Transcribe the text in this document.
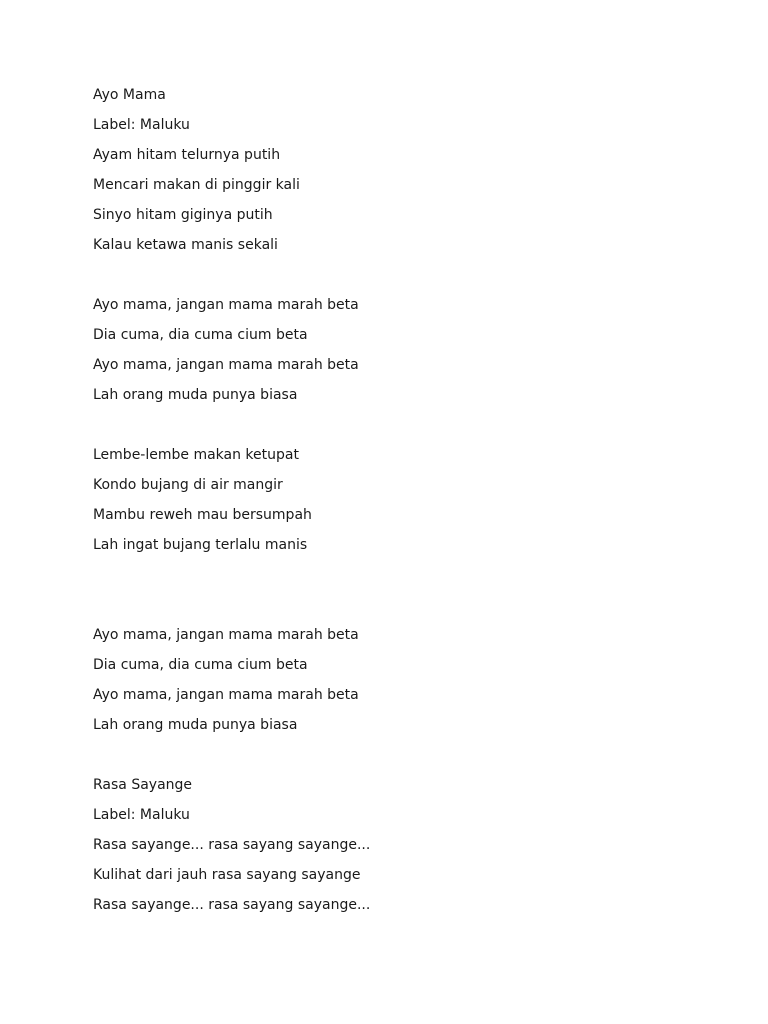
Ayo Mama
Label: Maluku
Ayam hitam telurnya putih
Mencari makan di pinggir kali
Sinyo hitam giginya putih
Kalau ketawa manis sekali
Ayo mama, jangan mama marah beta
Dia cuma, dia cuma cium beta
Ayo mama, jangan mama marah beta
Lah orang muda punya biasa
Lembe-lembe makan ketupat
Kondo bujang di air mangir
Mambu reweh mau bersumpah
Lah ingat bujang terlalu manis
Ayo mama, jangan mama marah beta
Dia cuma, dia cuma cium beta
Ayo mama, jangan mama marah beta
Lah orang muda punya biasa
Rasa Sayange
Label: Maluku
Rasa sayange... rasa sayang sayange...
Kulihat dari jauh rasa sayang sayange
Rasa sayange... rasa sayang sayange...
